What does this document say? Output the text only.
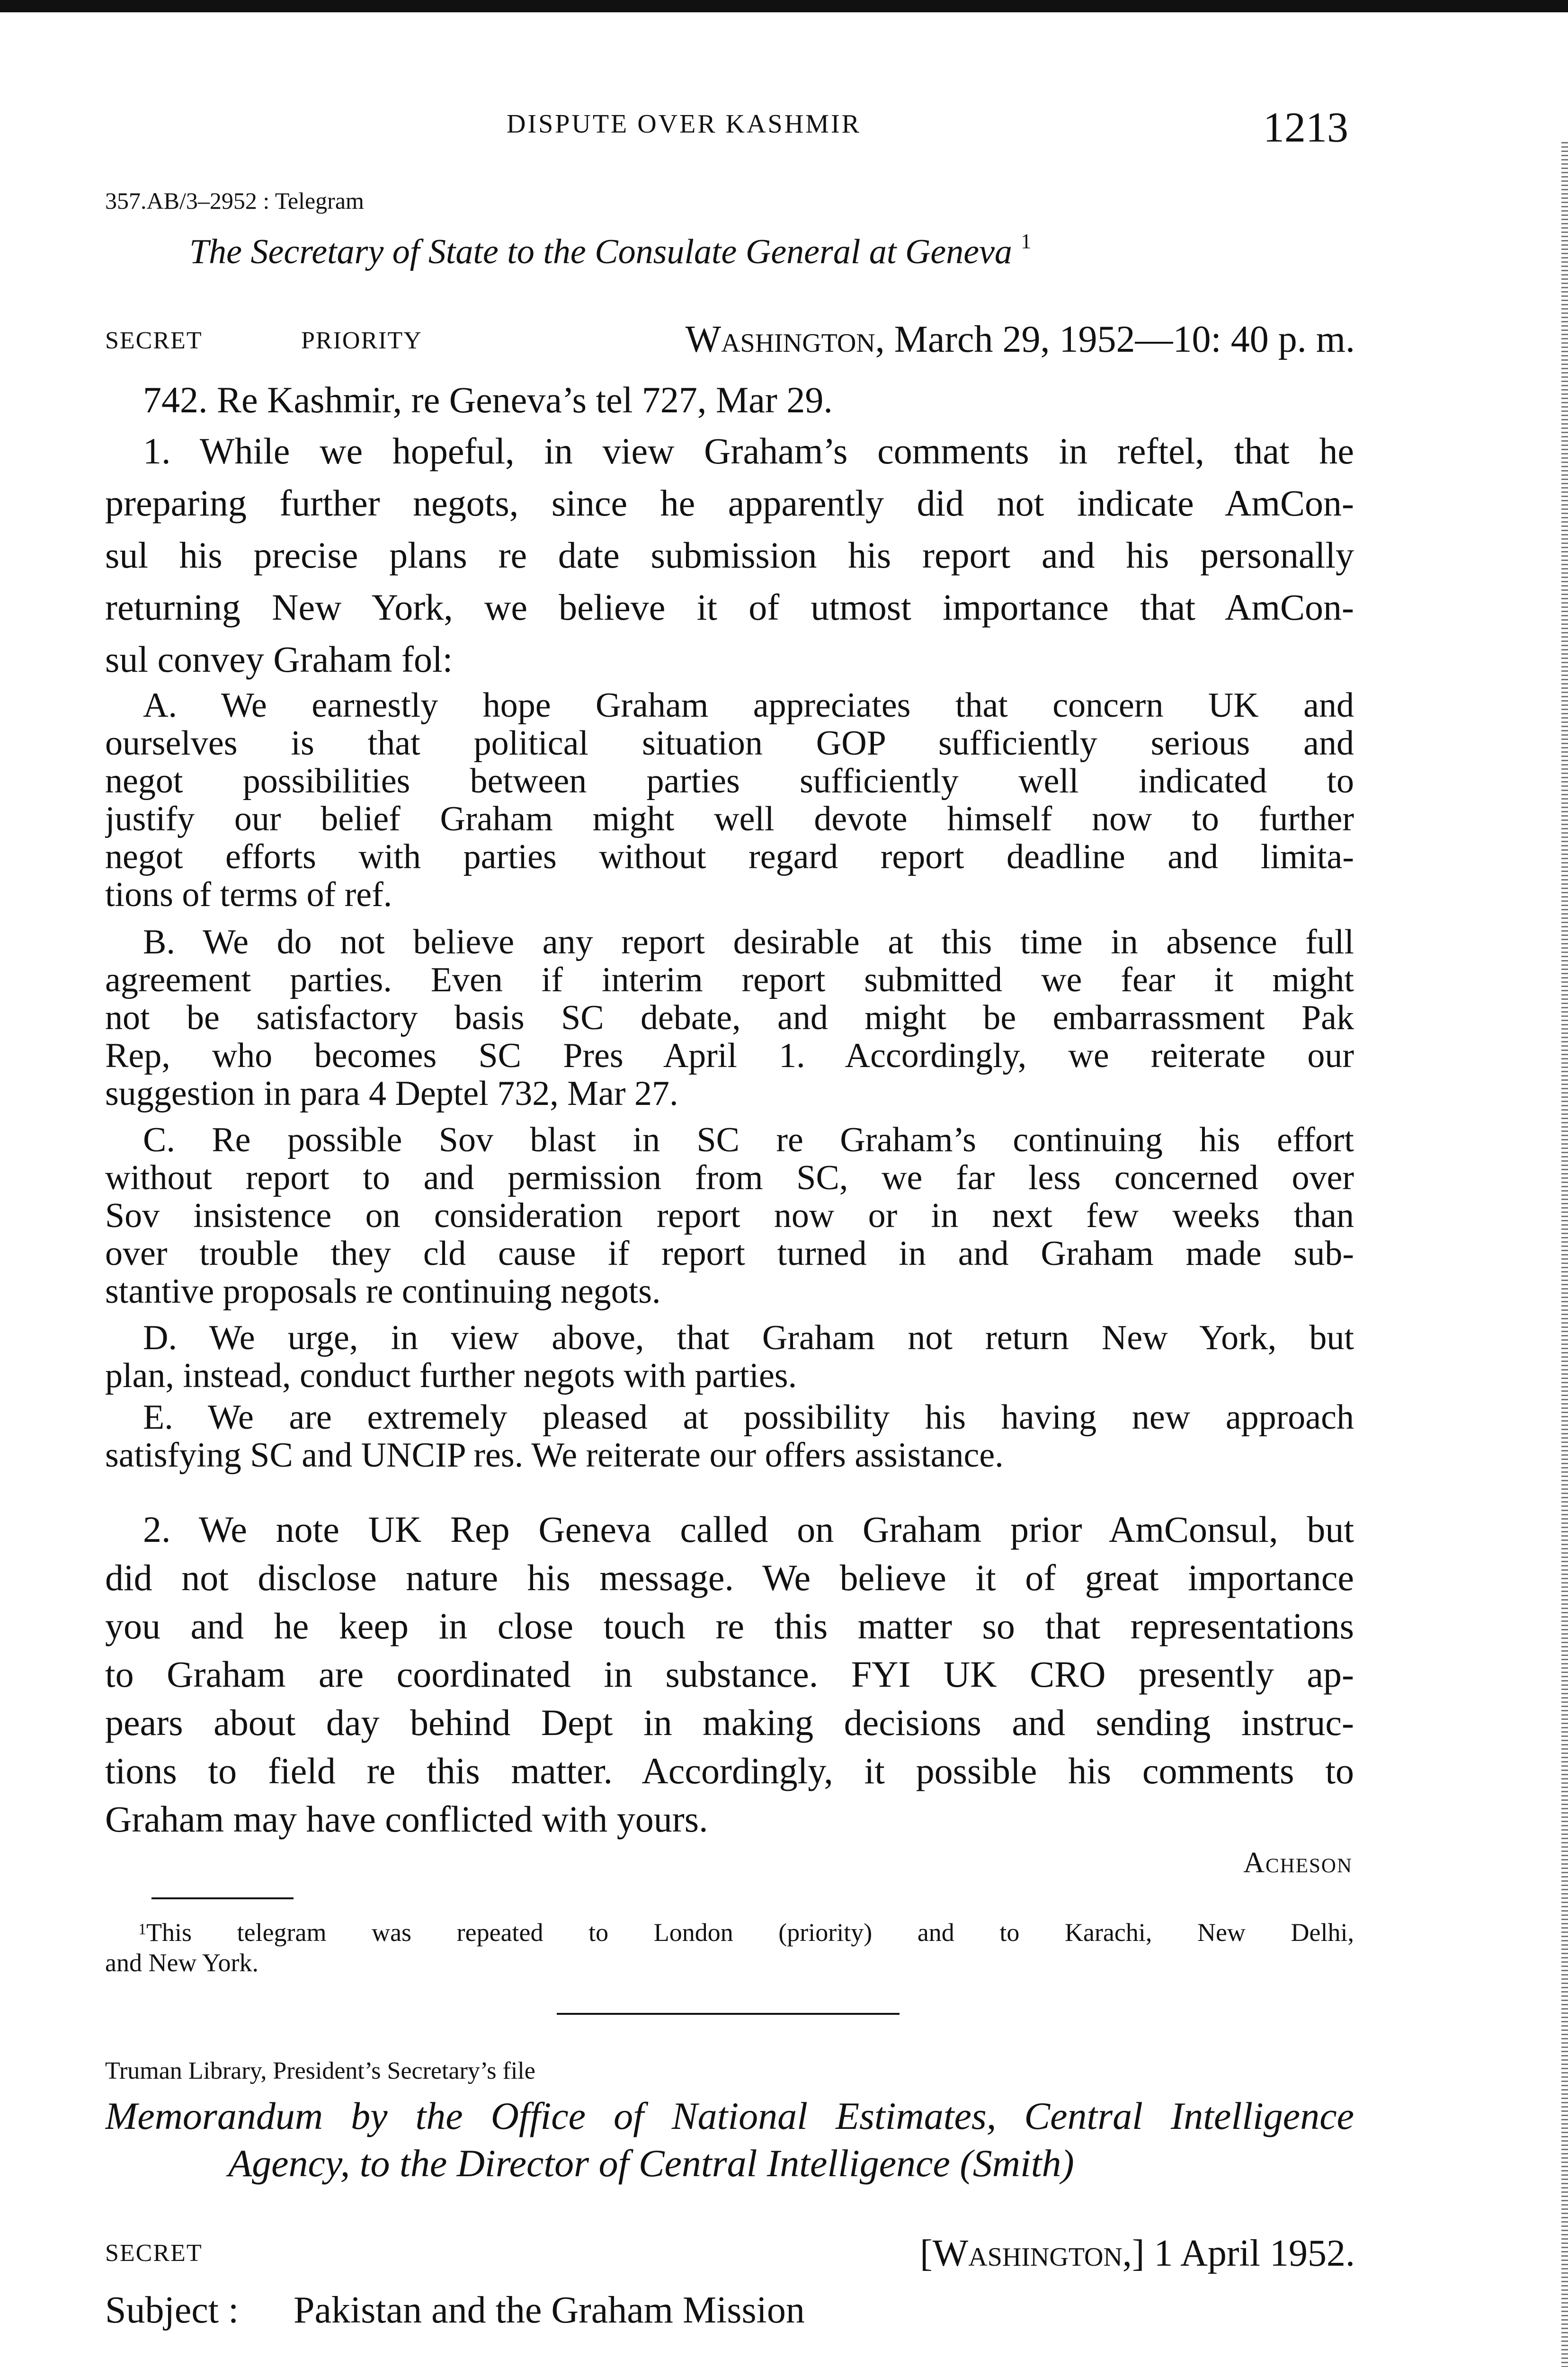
DISPUTE OVER KASHMIR	1213
357.AB/3–2952 : Telegram
The Secretary of State to the Consulate General at Geneva $^1$
SECRET	PRIORITY	Washington, March 29, 1952—10: 40 p. m.
742. Re Kashmir, re Geneva’s tel 727, Mar 29.
1. While we hopeful, in view Graham’s comments in reftel, that he
preparing further negots, since he apparently did not indicate AmCon-
sul his precise plans re date submission his report and his personally
returning New York, we believe it of utmost importance that AmCon-
sul convey Graham fol:
A. We earnestly hope Graham appreciates that concern UK and
ourselves is that political situation GOP sufficiently serious and
negot possibilities between parties sufficiently well indicated to
justify our belief Graham might well devote himself now to further
negot efforts with parties without regard report deadline and limita-
tions of terms of ref.
B. We do not believe any report desirable at this time in absence full
agreement parties. Even if interim report submitted we fear it might
not be satisfactory basis SC debate, and might be embarrassment Pak
Rep, who becomes SC Pres April 1. Accordingly, we reiterate our
suggestion in para 4 Deptel 732, Mar 27.
C. Re possible Sov blast in SC re Graham’s continuing his effort
without report to and permission from SC, we far less concerned over
Sov insistence on consideration report now or in next few weeks than
over trouble they cld cause if report turned in and Graham made sub-
stantive proposals re continuing negots.
D. We urge, in view above, that Graham not return New York, but
plan, instead, conduct further negots with parties.
E. We are extremely pleased at possibility his having new approach
satisfying SC and UNCIP res. We reiterate our offers assistance.
2. We note UK Rep Geneva called on Graham prior AmConsul, but
did not disclose nature his message. We believe it of great importance
you and he keep in close touch re this matter so that representations
to Graham are coordinated in substance. FYI UK CRO presently ap-
pears about day behind Dept in making decisions and sending instruc-
tions to field re this matter. Accordingly, it possible his comments to
Graham may have conflicted with yours.
Acheson
$^1$This telegram was repeated to London (priority) and to Karachi, New Delhi,
and New York.
Truman Library, President’s Secretary’s file
Memorandum by the Office of National Estimates, Central Intelligence
Agency, to the Director of Central Intelligence (Smith)
SECRET	[Washington,] 1 April 1952.
Subject : Pakistan and the Graham Mission
